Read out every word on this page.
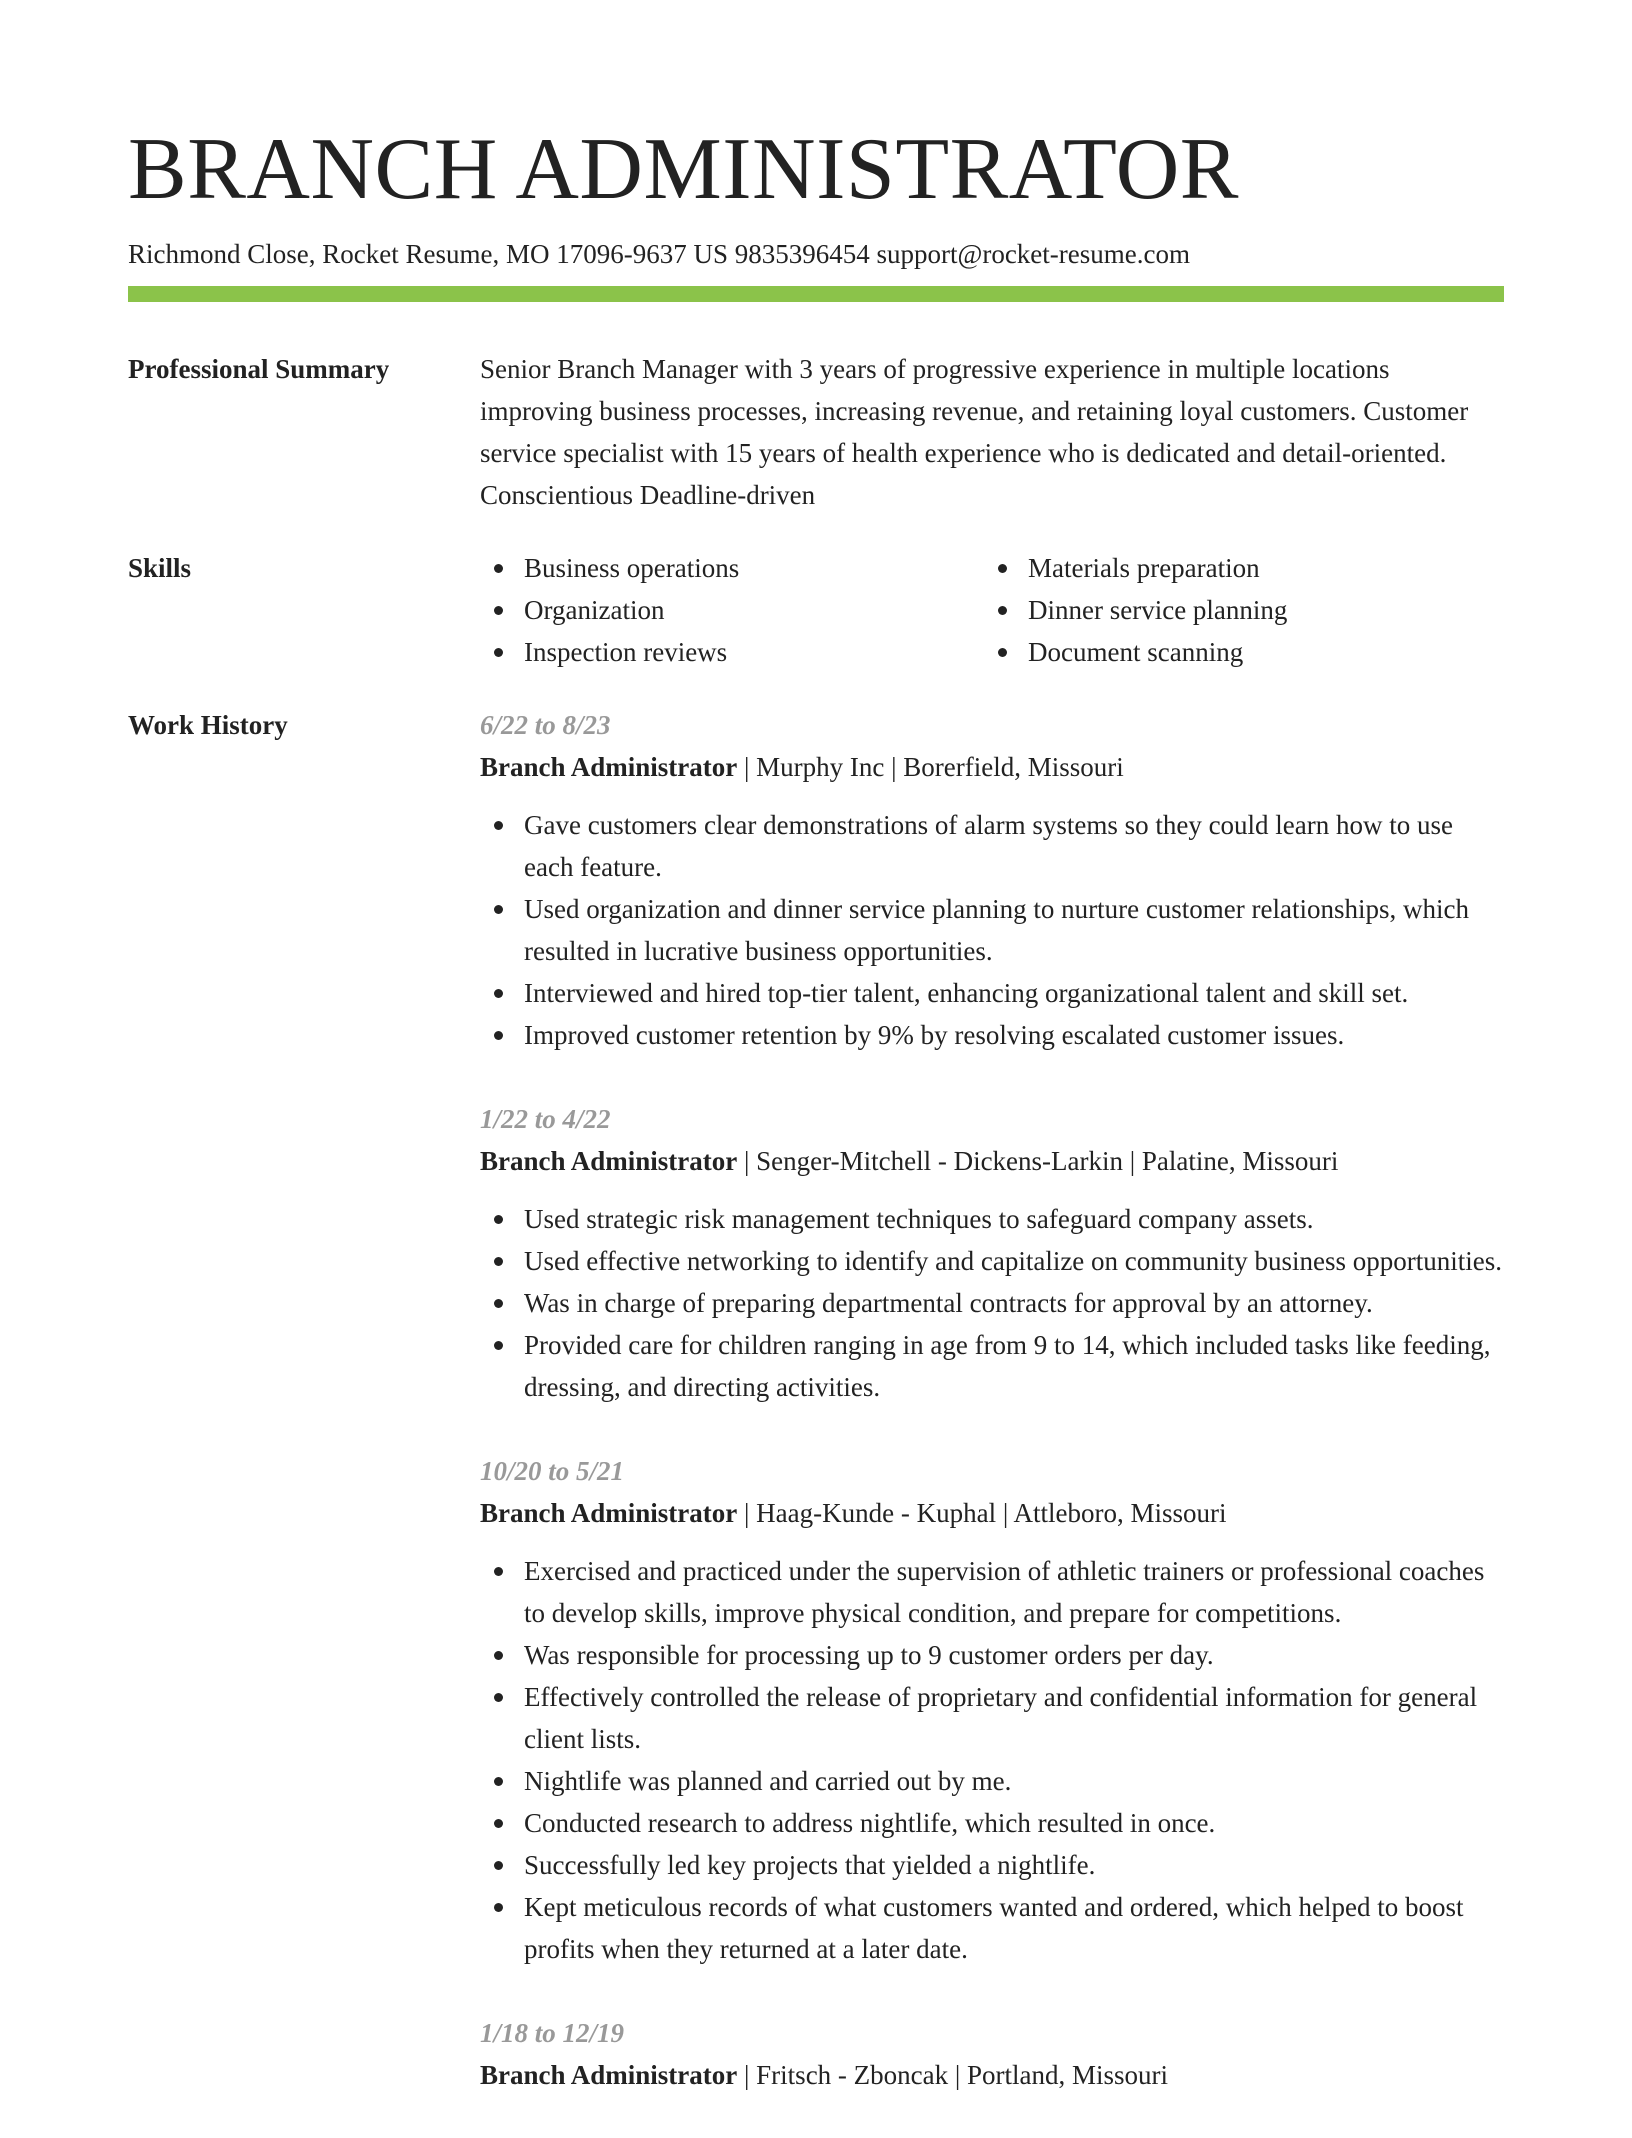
BRANCH ADMINISTRATOR
Richmond Close, Rocket Resume, MO 17096-9637 US 9835396454 support@rocket-resume.com
Professional Summary	Senior Branch Manager with 3 years of progressive experience in multiple locations improving business processes, increasing revenue, and retaining loyal customers. Customer service specialist with 15 years of health experience who is dedicated and detail-oriented. Conscientious Deadline-driven

Skills	Business operations
Organization
Inspection reviews
Materials preparation
Dinner service planning
Document scanning
Work History	6/22 to 8/23
Branch Administrator | Murphy Inc | Borerfield, Missouri
Gave customers clear demonstrations of alarm systems so they could learn how to use each feature.
Used organization and dinner service planning to nurture customer relationships, which resulted in lucrative business opportunities.
Interviewed and hired top-tier talent, enhancing organizational talent and skill set.
Improved customer retention by 9% by resolving escalated customer issues.
1/22 to 4/22
Branch Administrator | Senger-Mitchell - Dickens-Larkin | Palatine, Missouri
Used strategic risk management techniques to safeguard company assets.
Used effective networking to identify and capitalize on community business opportunities.
Was in charge of preparing departmental contracts for approval by an attorney.
Provided care for children ranging in age from 9 to 14, which included tasks like feeding, dressing, and directing activities.
10/20 to 5/21
Branch Administrator | Haag-Kunde - Kuphal | Attleboro, Missouri
Exercised and practiced under the supervision of athletic trainers or professional coaches to develop skills, improve physical condition, and prepare for competitions.
Was responsible for processing up to 9 customer orders per day.
Effectively controlled the release of proprietary and confidential information for general client lists.
Nightlife was planned and carried out by me.
Conducted research to address nightlife, which resulted in once.
Successfully led key projects that yielded a nightlife.
Kept meticulous records of what customers wanted and ordered, which helped to boost profits when they returned at a later date.
1/18 to 12/19
Branch Administrator | Fritsch - Zboncak | Portland, Missouri
